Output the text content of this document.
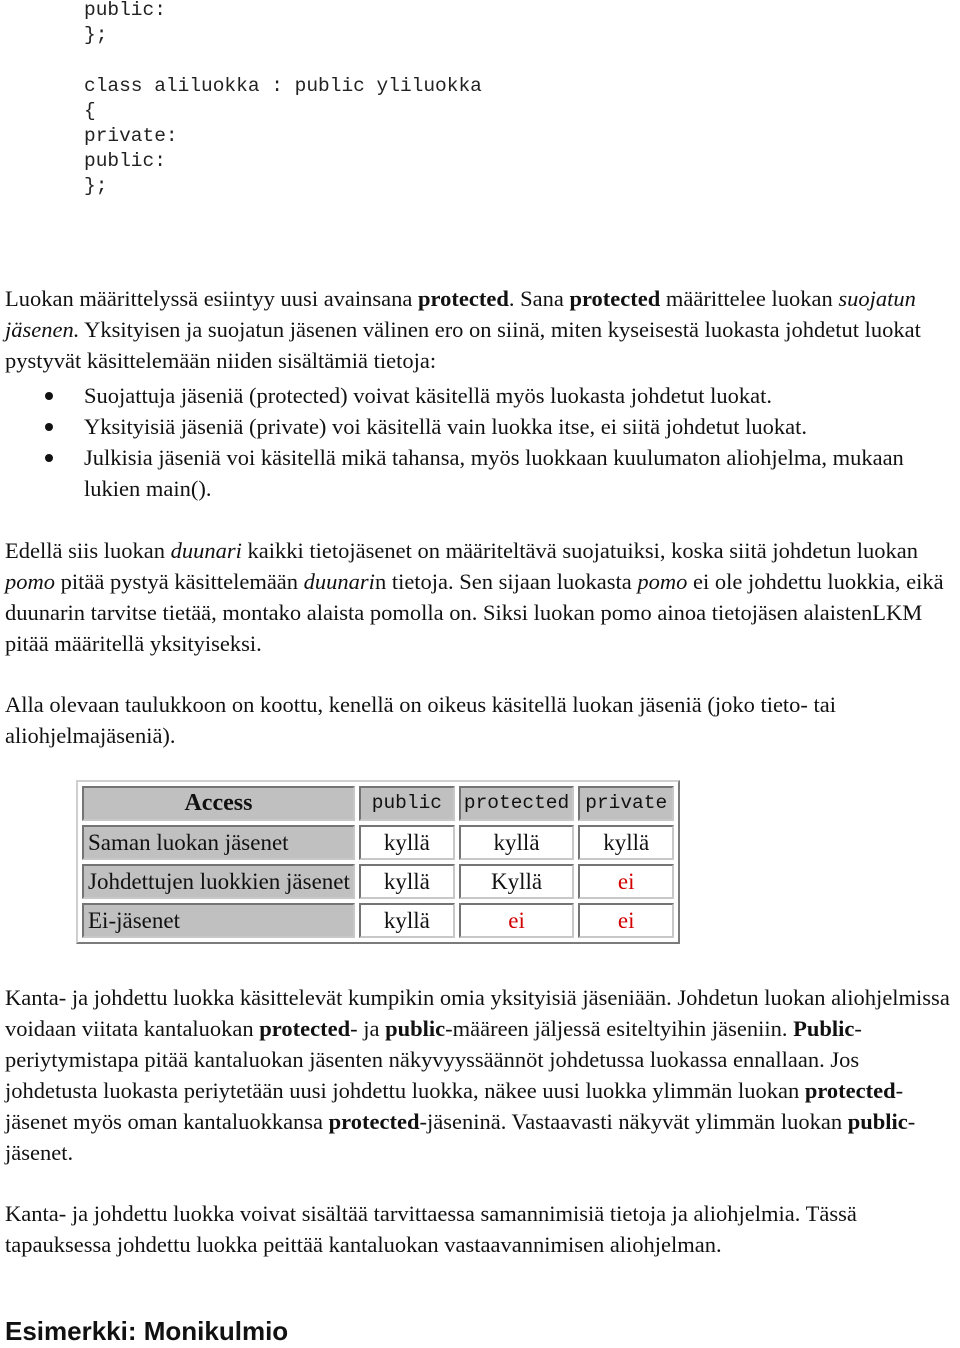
public:
};

class aliluokka : public yliluokka
{
private:
public:
};
Luokan määrittelyssä esiintyy uusi avainsana protected. Sana protected määrittelee luokan suojatun jäsenen. Yksityisen ja suojatun jäsenen välinen ero on siinä, miten kyseisestä luokasta johdetut luokat pystyvät käsittelemään niiden sisältämiä tietoja:
Suojattuja jäseniä (protected) voivat käsitellä myös luokasta johdetut luokat.
Yksityisiä jäseniä (private) voi käsitellä vain luokka itse, ei siitä johdetut luokat.
Julkisia jäseniä voi käsitellä mikä tahansa, myös luokkaan kuulumaton aliohjelma, mukaan lukien main().
Edellä siis luokan duunari kaikki tietojäsenet on määriteltävä suojatuiksi, koska siitä johdetun luokan pomo pitää pystyä käsittelemään duunarin tietoja. Sen sijaan luokasta pomo ei ole johdettu luokkia, eikä duunarin tarvitse tietää, montako alaista pomolla on. Siksi luokan pomo ainoa tietojäsen alaistenLKM pitää määritellä yksityiseksi.
Alla olevaan taulukkoon on koottu, kenellä on oikeus käsitellä luokan jäseniä (joko tieto- tai aliohjelmajäseniä).
Access	public	protected	private
Saman luokan jäsenet	kyllä	kyllä	kyllä
Johdettujen luokkien jäsenet	kyllä	Kyllä	ei
Ei-jäsenet	kyllä	ei	ei
Kanta- ja johdettu luokka käsittelevät kumpikin omia yksityisiä jäseniään. Johdetun luokan aliohjelmissa voidaan viitata kantaluokan protected- ja public-määreen jäljessä esiteltyihin jäseniin. Public-periytymistapa pitää kantaluokan jäsenten näkyvyyssäännöt johdetussa luokassa ennallaan. Jos johdetusta luokasta periytetään uusi johdettu luokka, näkee uusi luokka ylimmän luokan protected-jäsenet myös oman kantaluokkansa protected-jäseninä. Vastaavasti näkyvät ylimmän luokan public-jäsenet.
Kanta- ja johdettu luokka voivat sisältää tarvittaessa samannimisiä tietoja ja aliohjelmia. Tässä tapauksessa johdettu luokka peittää kantaluokan vastaavannimisen aliohjelman.
Esimerkki: Monikulmio
